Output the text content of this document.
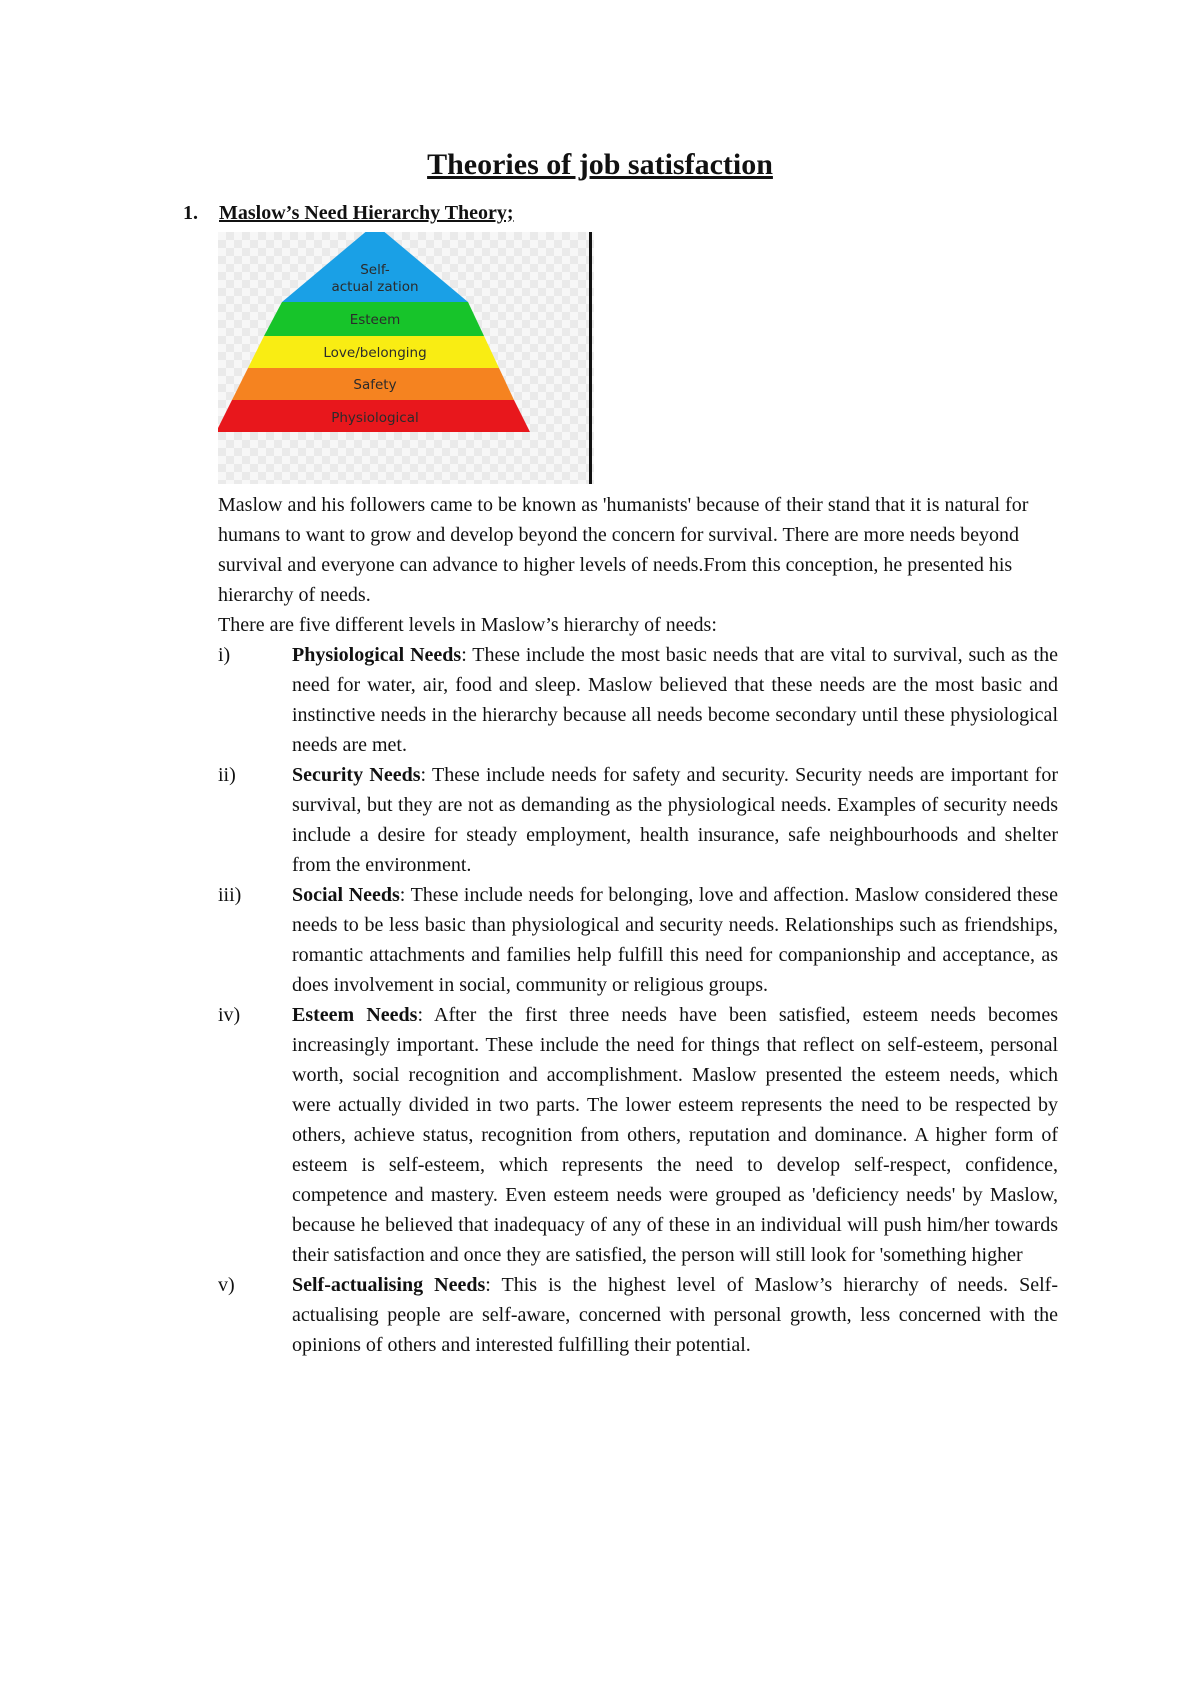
Theories of job satisfaction
1. Maslow’s Need Hierarchy Theory;
Physiological
Safety
Love/belonging
Esteem
Self-
actual zation

Maslow and his followers came to be known as 'humanists' because of their stand that it is natural for humans to want to grow and develop beyond the concern for survival. There are more needs beyond survival and everyone can advance to higher levels of needs.From this conception, he presented his hierarchy of needs.

There are five different levels in Maslow’s hierarchy of needs:

i)	Physiological Needs: These include the most basic needs that are vital to survival, such as the need for water, air, food and sleep. Maslow believed that these needs are the most basic and instinctive needs in the hierarchy because all needs become secondary until these physiological needs are met.
ii)	Security Needs: These include needs for safety and security. Security needs are important for survival, but they are not as demanding as the physiological needs. Examples of security needs include a desire for steady employment, health insurance, safe neighbourhoods and shelter from the environment.
iii)	Social Needs: These include needs for belonging, love and affection. Maslow considered these needs to be less basic than physiological and security needs. Relationships such as friendships, romantic attachments and families help fulfill this need for companionship and acceptance, as does involvement in social, community or religious groups.
iv)	Esteem Needs: After the first three needs have been satisfied, esteem needs becomes increasingly important. These include the need for things that reflect on self-esteem, personal worth, social recognition and accomplishment. Maslow presented the esteem needs, which were actually divided in two parts. The lower esteem represents the need to be respected by others, achieve status, recognition from others, reputation and dominance. A higher form of esteem is self-esteem, which represents the need to develop self-respect, confidence, competence and mastery. Even esteem needs were grouped as 'deficiency needs' by Maslow, because he believed that inadequacy of any of these in an individual will push him/her towards their satisfaction and once they are satisfied, the person will still look for 'something higher
v)	Self-actualising Needs: This is the highest level of Maslow’s hierarchy of needs. Self-actualising people are self-aware, concerned with personal growth, less concerned with the opinions of others and interested fulfilling their potential.
